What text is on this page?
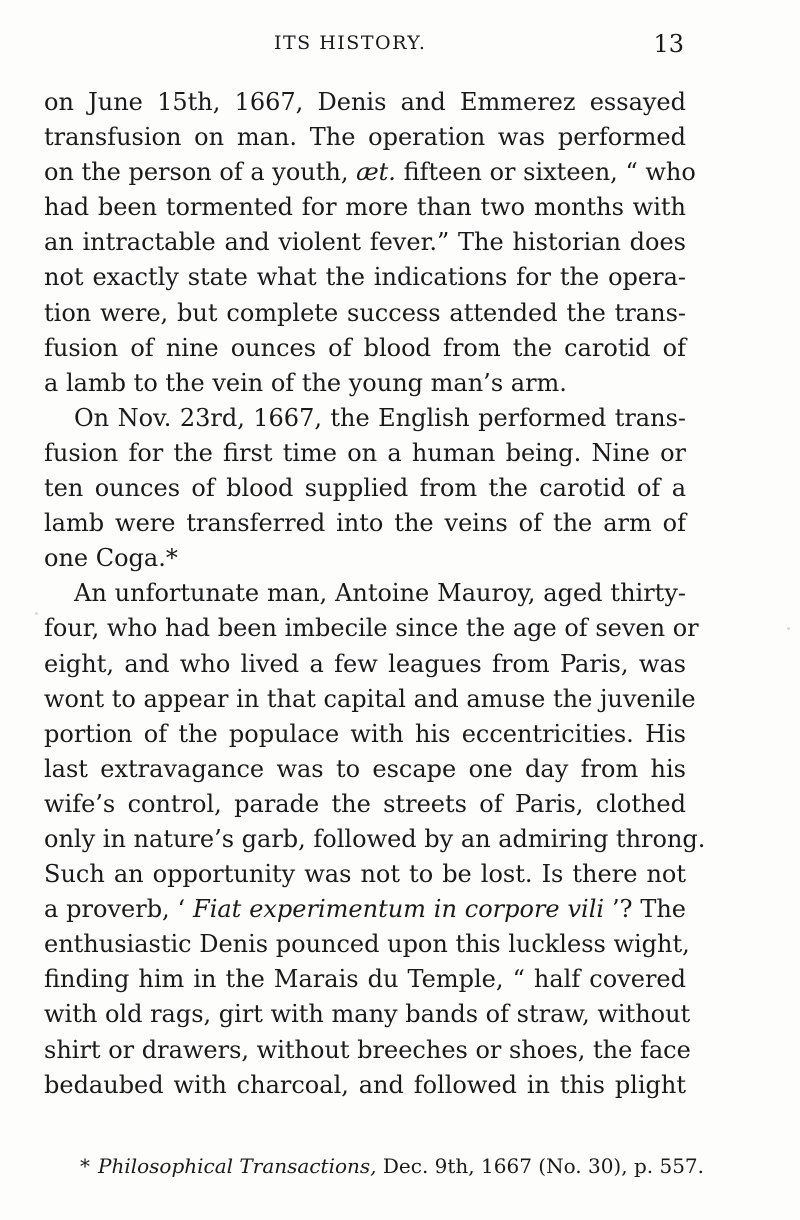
ITS HISTORY.	13
on June 15th, 1667, Denis and Emmerez essayed
transfusion on man. The operation was performed
on the person of a youth, æt. fifteen or sixteen, “ who
had been tormented for more than two months with
an intractable and violent fever.” The historian does
not exactly state what the indications for the opera-
tion were, but complete success attended the trans-
fusion of nine ounces of blood from the carotid of
a lamb to the vein of the young man’s arm.
On Nov. 23rd, 1667, the English performed trans-
fusion for the first time on a human being. Nine or
ten ounces of blood supplied from the carotid of a
lamb were transferred into the veins of the arm of
one Coga.*
An unfortunate man, Antoine Mauroy, aged thirty-
four, who had been imbecile since the age of seven or
eight, and who lived a few leagues from Paris, was
wont to appear in that capital and amuse the juvenile
portion of the populace with his eccentricities. His
last extravagance was to escape one day from his
wife’s control, parade the streets of Paris, clothed
only in nature’s garb, followed by an admiring throng.
Such an opportunity was not to be lost. Is there not
a proverb, ‘ Fiat experimentum in corpore vili ’? The
enthusiastic Denis pounced upon this luckless wight,
finding him in the Marais du Temple, “ half covered
with old rags, girt with many bands of straw, without
shirt or drawers, without breeches or shoes, the face
bedaubed with charcoal, and followed in this plight
* Philosophical Transactions, Dec. 9th, 1667 (No. 30), p. 557.
